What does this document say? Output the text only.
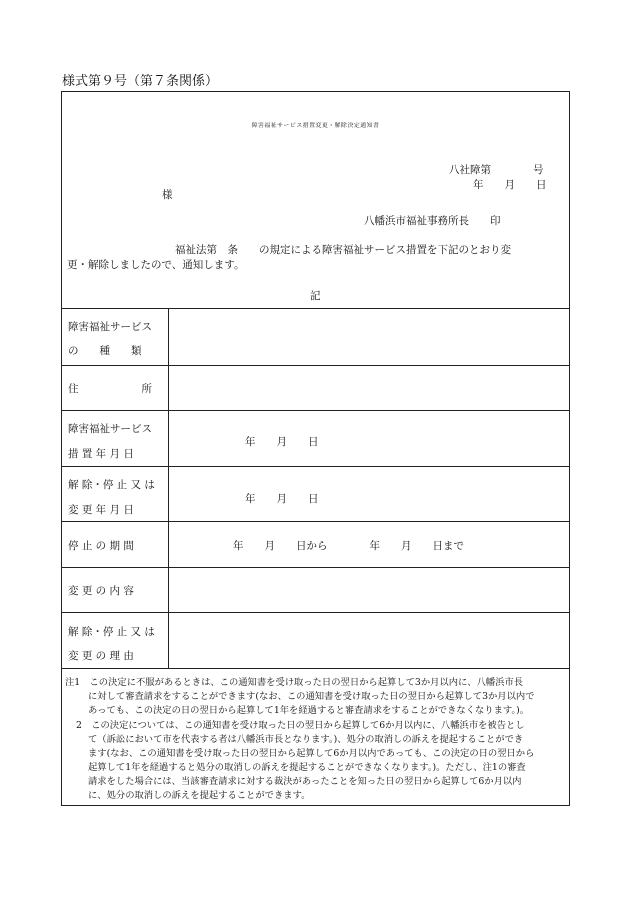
様式第９号（第７条関係）
障害福祉サービス措置変更・解除決定通知書
八社障第　　　　号
年　　月　　日
様
八幡浜市福祉事務所長　　印
福祉法第　条　　の規定による障害福祉サービス措置を下記のとおり変
更・解除しましたので、通知します。
記
障害福祉サービス
の　　種　　類
住　　　　　　所
障害福祉サービス
措 置 年 月 日
年　　月　　日
解 除・停 止 又 は
変 更 年 月 日
年　　月　　日
停 止 の 期 間	年　　月　　日から　　　　年　　月　　日まで
変 更 の 内 容
解 除・停 止 又 は
変 更 の 理 由
注1　この決定に不服があるときは、この通知書を受け取った日の翌日から起算して3か月以内に、八幡浜市長
に対して審査請求をすることができます(なお、この通知書を受け取った日の翌日から起算して3か月以内で
あっても、この決定の日の翌日から起算して1年を経過すると審査請求をすることができなくなります。)。
2　この決定については、この通知書を受け取った日の翌日から起算して6か月以内に、八幡浜市を被告とし
て（訴訟において市を代表する者は八幡浜市長となります。)、処分の取消しの訴えを提起することができ
ます(なお、この通知書を受け取った日の翌日から起算して6か月以内であっても、この決定の日の翌日から
起算して1年を経過すると処分の取消しの訴えを提起することができなくなります。)。ただし、注1の審査
請求をした場合には、当該審査請求に対する裁決があったことを知った日の翌日から起算して6か月以内
に、処分の取消しの訴えを提起することができます。
